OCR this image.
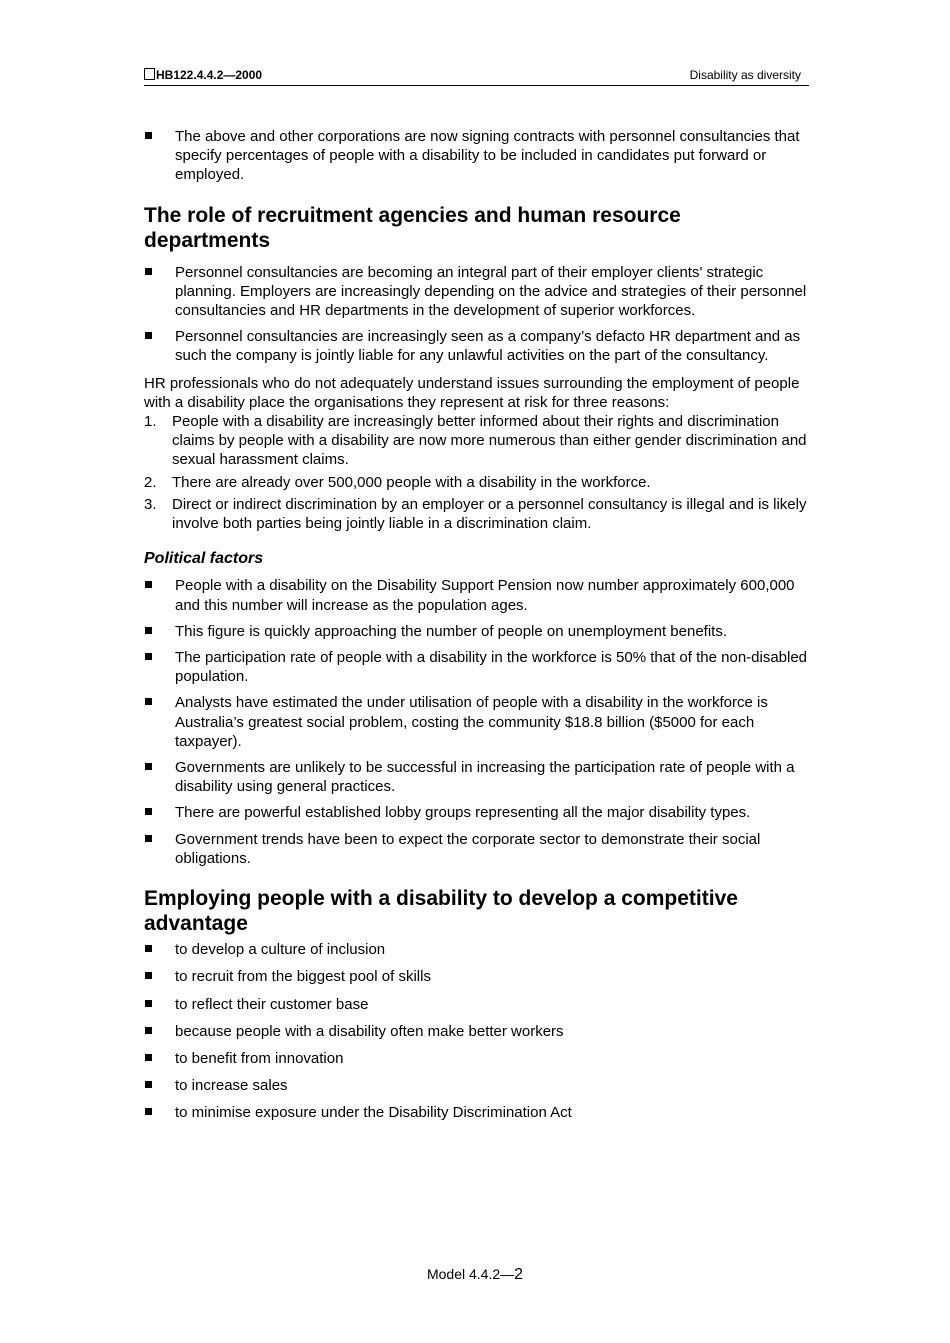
HB122.4.4.2—2000	Disability as diversity
The above and other corporations are now signing contracts with personnel consultancies that specify percentages of people with a disability to be included in candidates put forward or employed.
The role of recruitment agencies and human resource departments
Personnel consultancies are becoming an integral part of their employer clients' strategic planning. Employers are increasingly depending on the advice and strategies of their personnel consultancies and HR departments in the development of superior workforces.
Personnel consultancies are increasingly seen as a company’s defacto HR department and as such the company is jointly liable for any unlawful activities on the part of the consultancy.

HR professionals who do not adequately understand issues surrounding the employment of people with a disability place the organisations they represent at risk for three reasons:

1. People with a disability are increasingly better informed about their rights and discrimination claims by people with a disability are now more numerous than either gender discrimination and sexual harassment claims.
2. There are already over 500,000 people with a disability in the workforce.
3. Direct or indirect discrimination by an employer or a personnel consultancy is illegal and is likely involve both parties being jointly liable in a discrimination claim.
Political factors
People with a disability on the Disability Support Pension now number approximately 600,000 and this number will increase as the population ages.
This figure is quickly approaching the number of people on unemployment benefits.
The participation rate of people with a disability in the workforce is 50% that of the non-disabled population.
Analysts have estimated the under utilisation of people with a disability in the workforce is Australia’s greatest social problem, costing the community $18.8 billion ($5000 for each taxpayer).
Governments are unlikely to be successful in increasing the participation rate of people with a disability using general practices.
There are powerful established lobby groups representing all the major disability types.
Government trends have been to expect the corporate sector to demonstrate their social obligations.
Employing people with a disability to develop a competitive advantage
to develop a culture of inclusion
to recruit from the biggest pool of skills
to reflect their customer base
because people with a disability often make better workers
to benefit from innovation
to increase sales
to minimise exposure under the Disability Discrimination Act
Model 4.4.2—2
